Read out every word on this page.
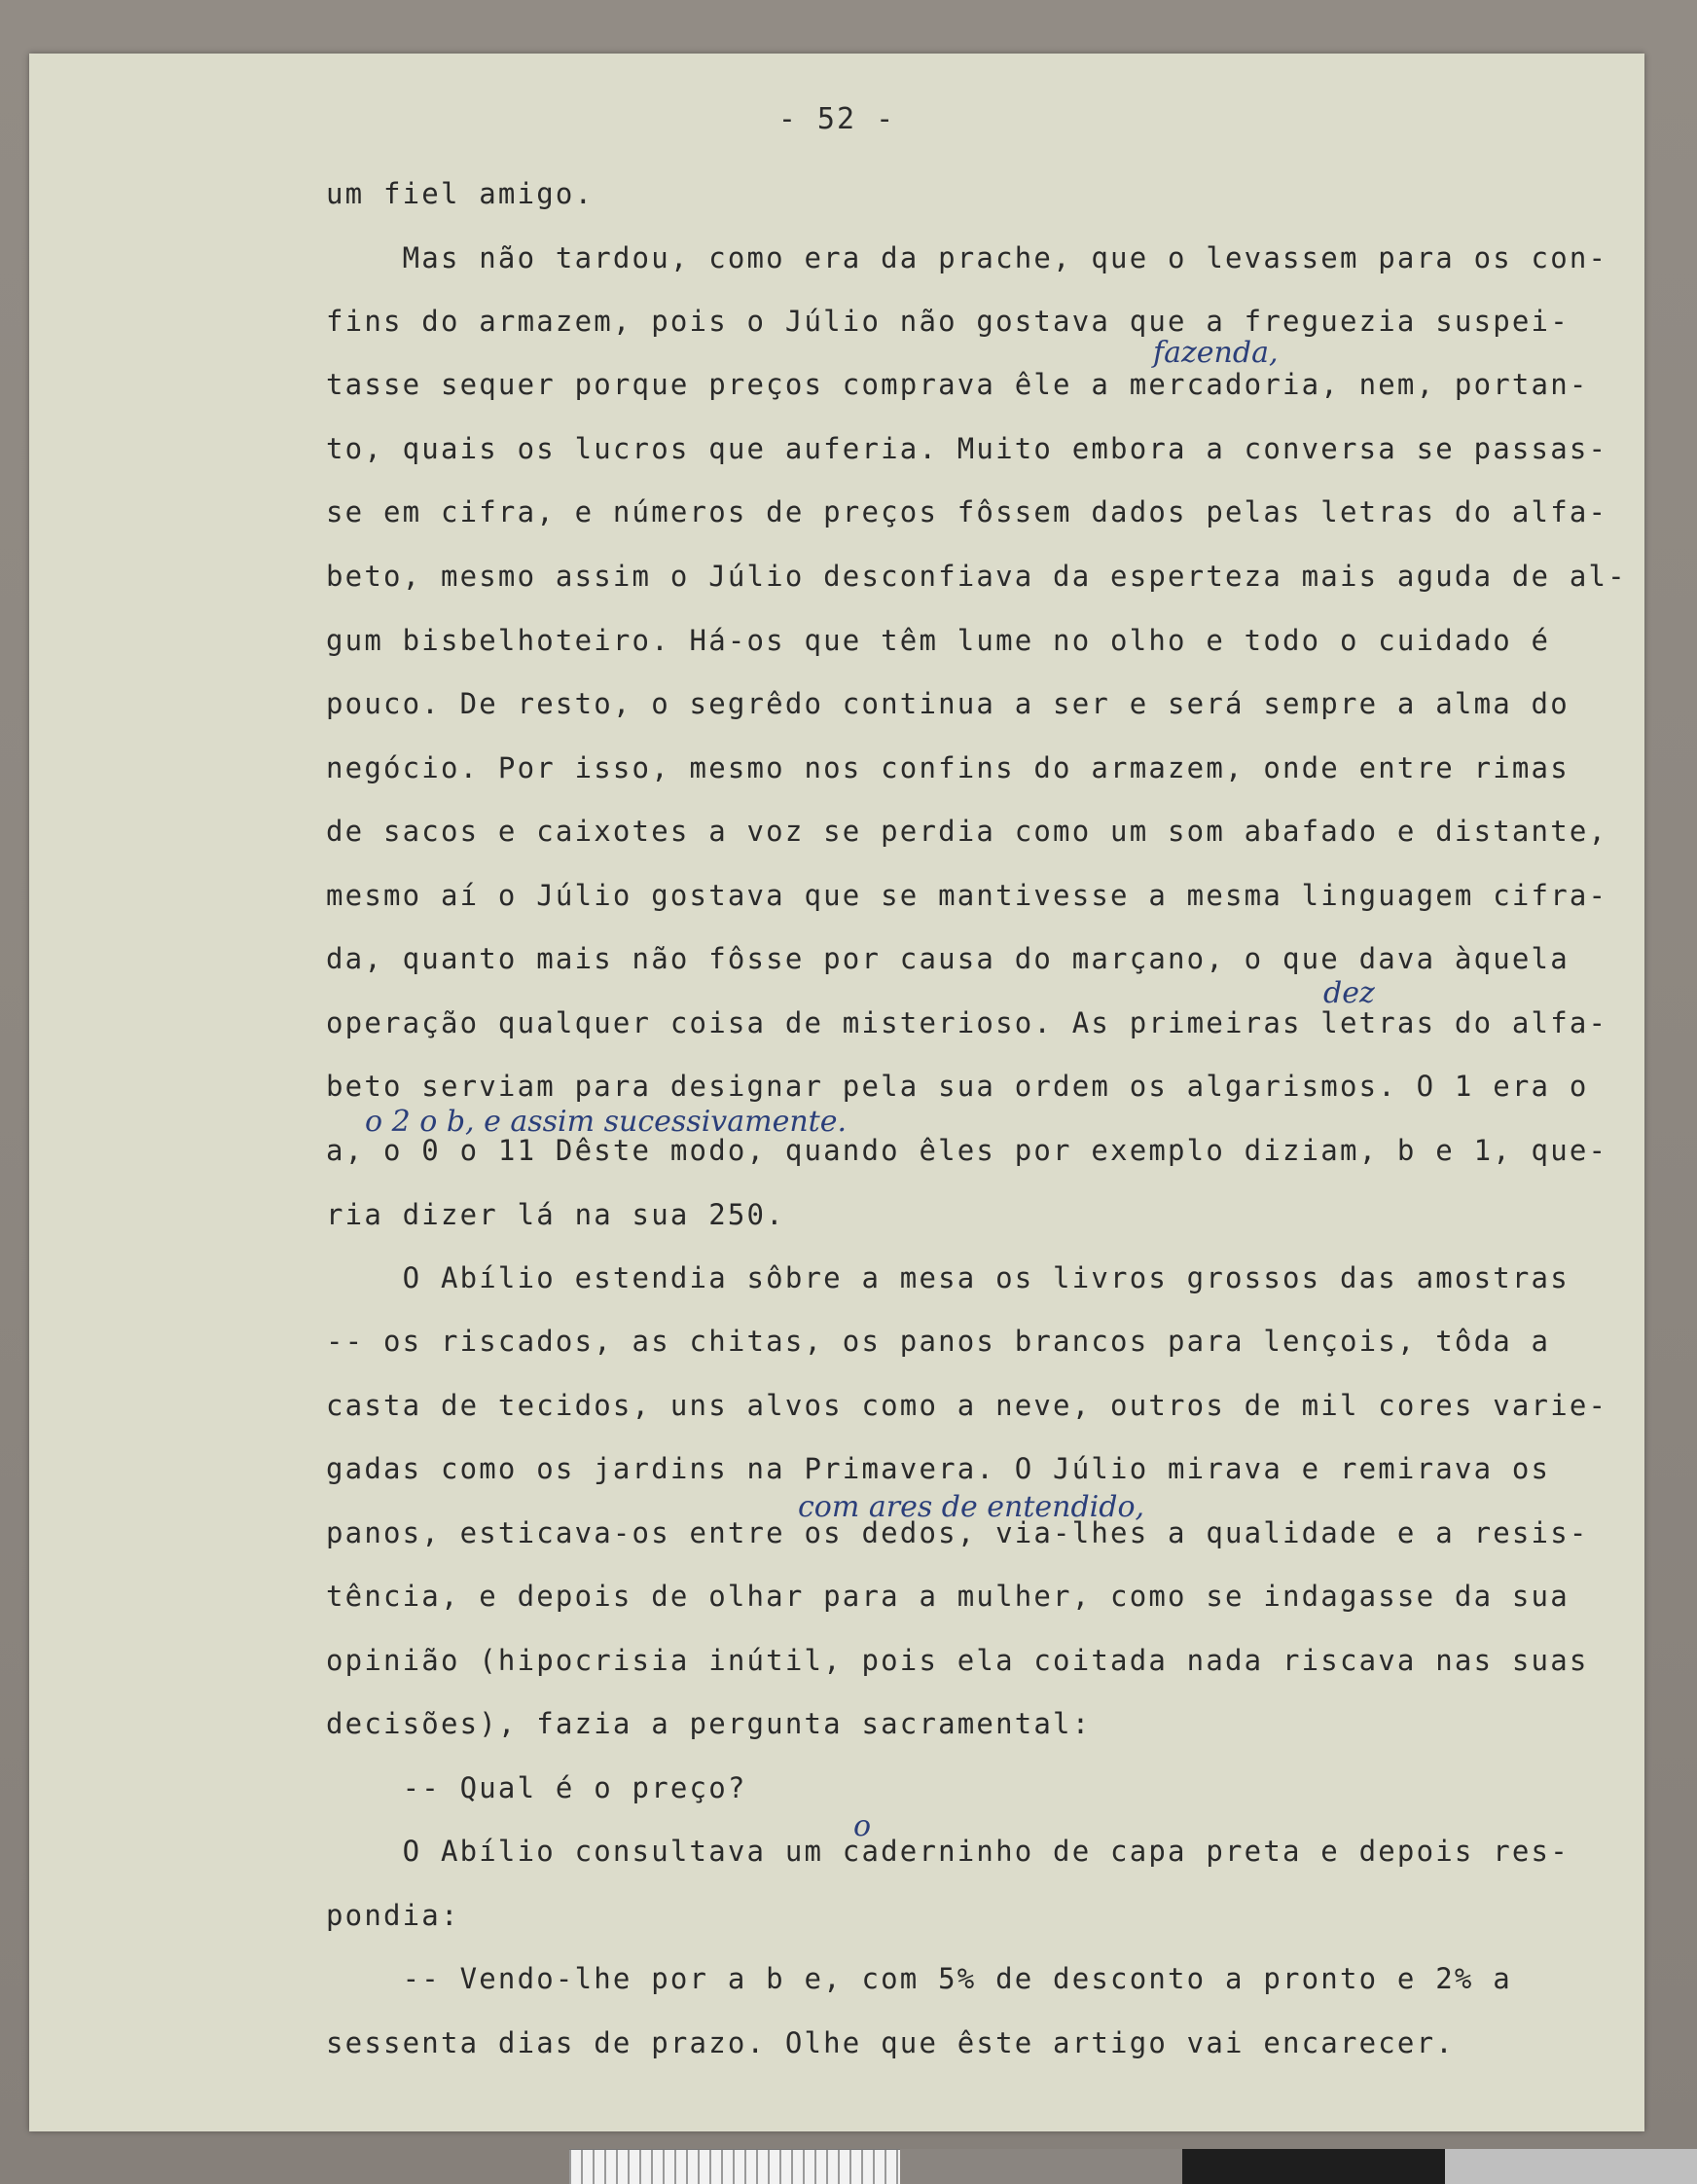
- 52 -
um fiel amigo.
Mas não tardou, como era da prache, que o levassem para os con-
fins do armazem, pois o Júlio não gostava que a freguezia suspei-
tasse sequer porque preços comprava êle a mercadoria, nem, portan-
to, quais os lucros que auferia. Muito embora a conversa se passas-
se em cifra, e números de preços fôssem dados pelas letras do alfa-
beto, mesmo assim o Júlio desconfiava da esperteza mais aguda de al-
gum bisbelhoteiro. Há-os que têm lume no olho e todo o cuidado é
pouco. De resto, o segrêdo continua a ser e será sempre a alma do
negócio. Por isso, mesmo nos confins do armazem, onde entre rimas
de sacos e caixotes a voz se perdia como um som abafado e distante,
mesmo aí o Júlio gostava que se mantivesse a mesma linguagem cifra-
da, quanto mais não fôsse por causa do marçano, o que dava àquela
operação qualquer coisa de misterioso. As primeiras letras do alfa-
beto serviam para designar pela sua ordem os algarismos. O 1 era o
a, o 0 o 11 Dêste modo, quando êles por exemplo diziam, b e 1, que-
ria dizer lá na sua 250.
O Abílio estendia sôbre a mesa os livros grossos das amostras
-- os riscados, as chitas, os panos brancos para lençois, tôda a
casta de tecidos, uns alvos como a neve, outros de mil cores varie-
gadas como os jardins na Primavera. O Júlio mirava e remirava os
panos, esticava-os entre os dedos, via-lhes a qualidade e a resis-
tência, e depois de olhar para a mulher, como se indagasse da sua
opinião (hipocrisia inútil, pois ela coitada nada riscava nas suas
decisões), fazia a pergunta sacramental:
-- Qual é o preço?
O Abílio consultava um caderninho de capa preta e depois res-
pondia:
-- Vendo-lhe por a b e, com 5% de desconto a pronto e 2% a
sessenta dias de prazo. Olhe que êste artigo vai encarecer.
fazenda,
dez
o 2 o b, e assim sucessivamente.
com ares de entendido,
o
